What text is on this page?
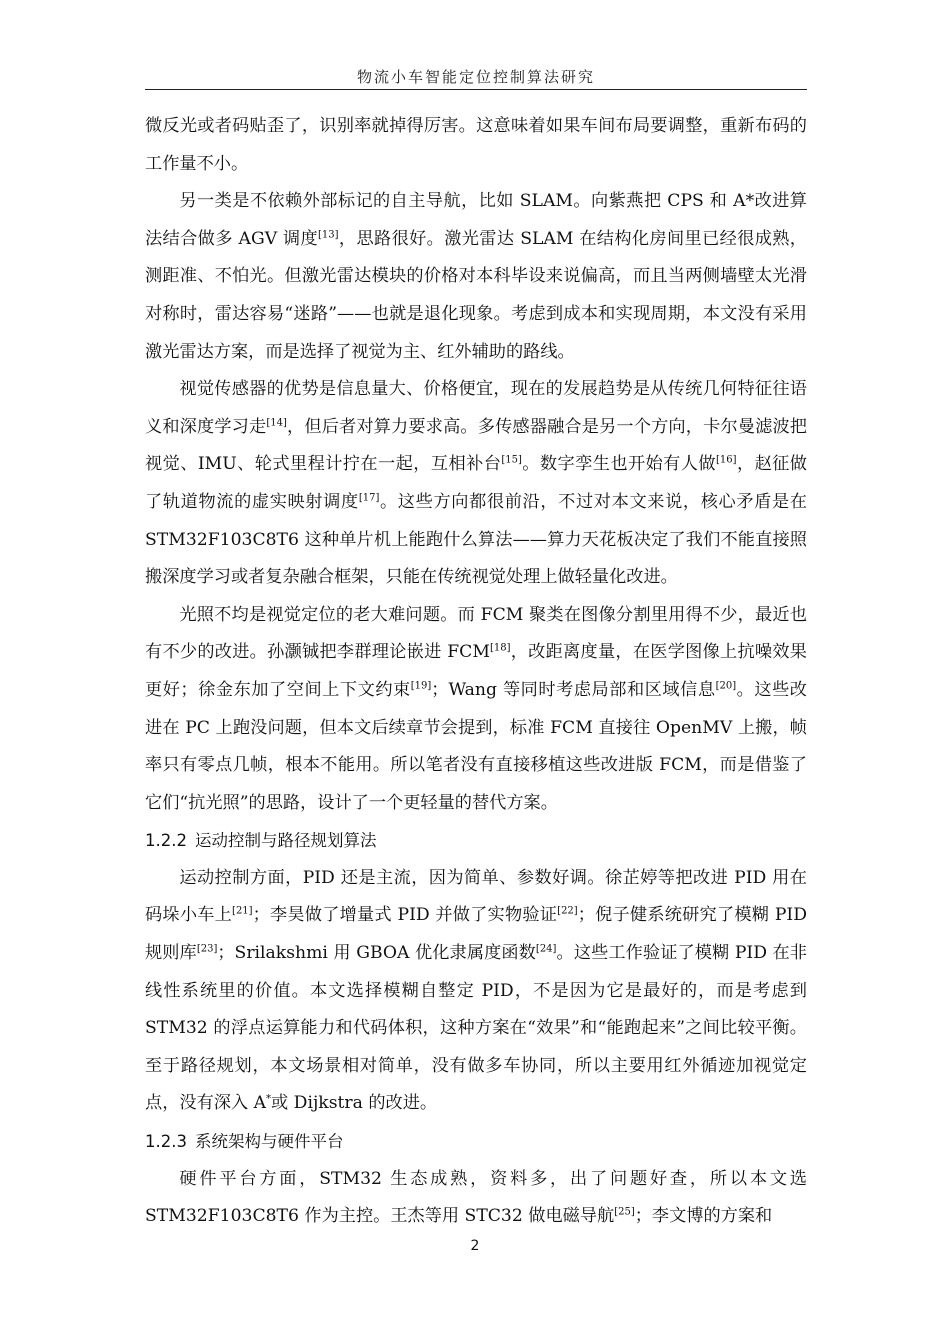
物流小车智能定位控制算法研究

微反光或者码贴歪了，识别率就掉得厉害。这意味着如果车间布局要调整，重新布码的工作量不小。

另一类是不依赖外部标记的自主导航，比如 SLAM。向紫燕把 CPS 和 A*改进算法结合做多 AGV 调度[13]，思路很好。激光雷达 SLAM 在结构化房间里已经很成熟，测距准、不怕光。但激光雷达模块的价格对本科毕设来说偏高，而且当两侧墙壁太光滑对称时，雷达容易“迷路”——也就是退化现象。考虑到成本和实现周期，本文没有采用激光雷达方案，而是选择了视觉为主、红外辅助的路线。

视觉传感器的优势是信息量大、价格便宜，现在的发展趋势是从传统几何特征往语义和深度学习走[14]，但后者对算力要求高。多传感器融合是另一个方向，卡尔曼滤波把视觉、IMU、轮式里程计拧在一起，互相补台[15]。数字孪生也开始有人做[16]，赵征做了轨道物流的虚实映射调度[17]。这些方向都很前沿，不过对本文来说，核心矛盾是在 STM32F103C8T6 这种单片机上能跑什么算法——算力天花板决定了我们不能直接照搬深度学习或者复杂融合框架，只能在传统视觉处理上做轻量化改进。

光照不均是视觉定位的老大难问题。而 FCM 聚类在图像分割里用得不少，最近也有不少的改进。孙灏铖把李群理论嵌进 FCM[18]，改距离度量，在医学图像上抗噪效果更好；徐金东加了空间上下文约束[19]；Wang 等同时考虑局部和区域信息[20]。这些改进在 PC 上跑没问题，但本文后续章节会提到，标准 FCM 直接往 OpenMV 上搬，帧率只有零点几帧，根本不能用。所以笔者没有直接移植这些改进版 FCM，而是借鉴了它们“抗光照”的思路，设计了一个更轻量的替代方案。

1.2.2 运动控制与路径规划算法

运动控制方面，PID 还是主流，因为简单、参数好调。徐芷婷等把改进 PID 用在码垛小车上[21]；李昊做了增量式 PID 并做了实物验证[22]；倪子健系统研究了模糊 PID 规则库[23]；Srilakshmi 用 GBOA 优化隶属度函数[24]。这些工作验证了模糊 PID 在非线性系统里的价值。本文选择模糊自整定 PID，不是因为它是最好的，而是考虑到 STM32 的浮点运算能力和代码体积，这种方案在“效果”和“能跑起来”之间比较平衡。至于路径规划，本文场景相对简单，没有做多车协同，所以主要用红外循迹加视觉定点，没有深入 A*或 Dijkstra 的改进。

1.2.3 系统架构与硬件平台

硬件平台方面，STM32 生态成熟，资料多，出了问题好查，所以本文选 STM32F103C8T6 作为主控。王杰等用 STC32 做电磁导航[25]；李文博的方案和

2
